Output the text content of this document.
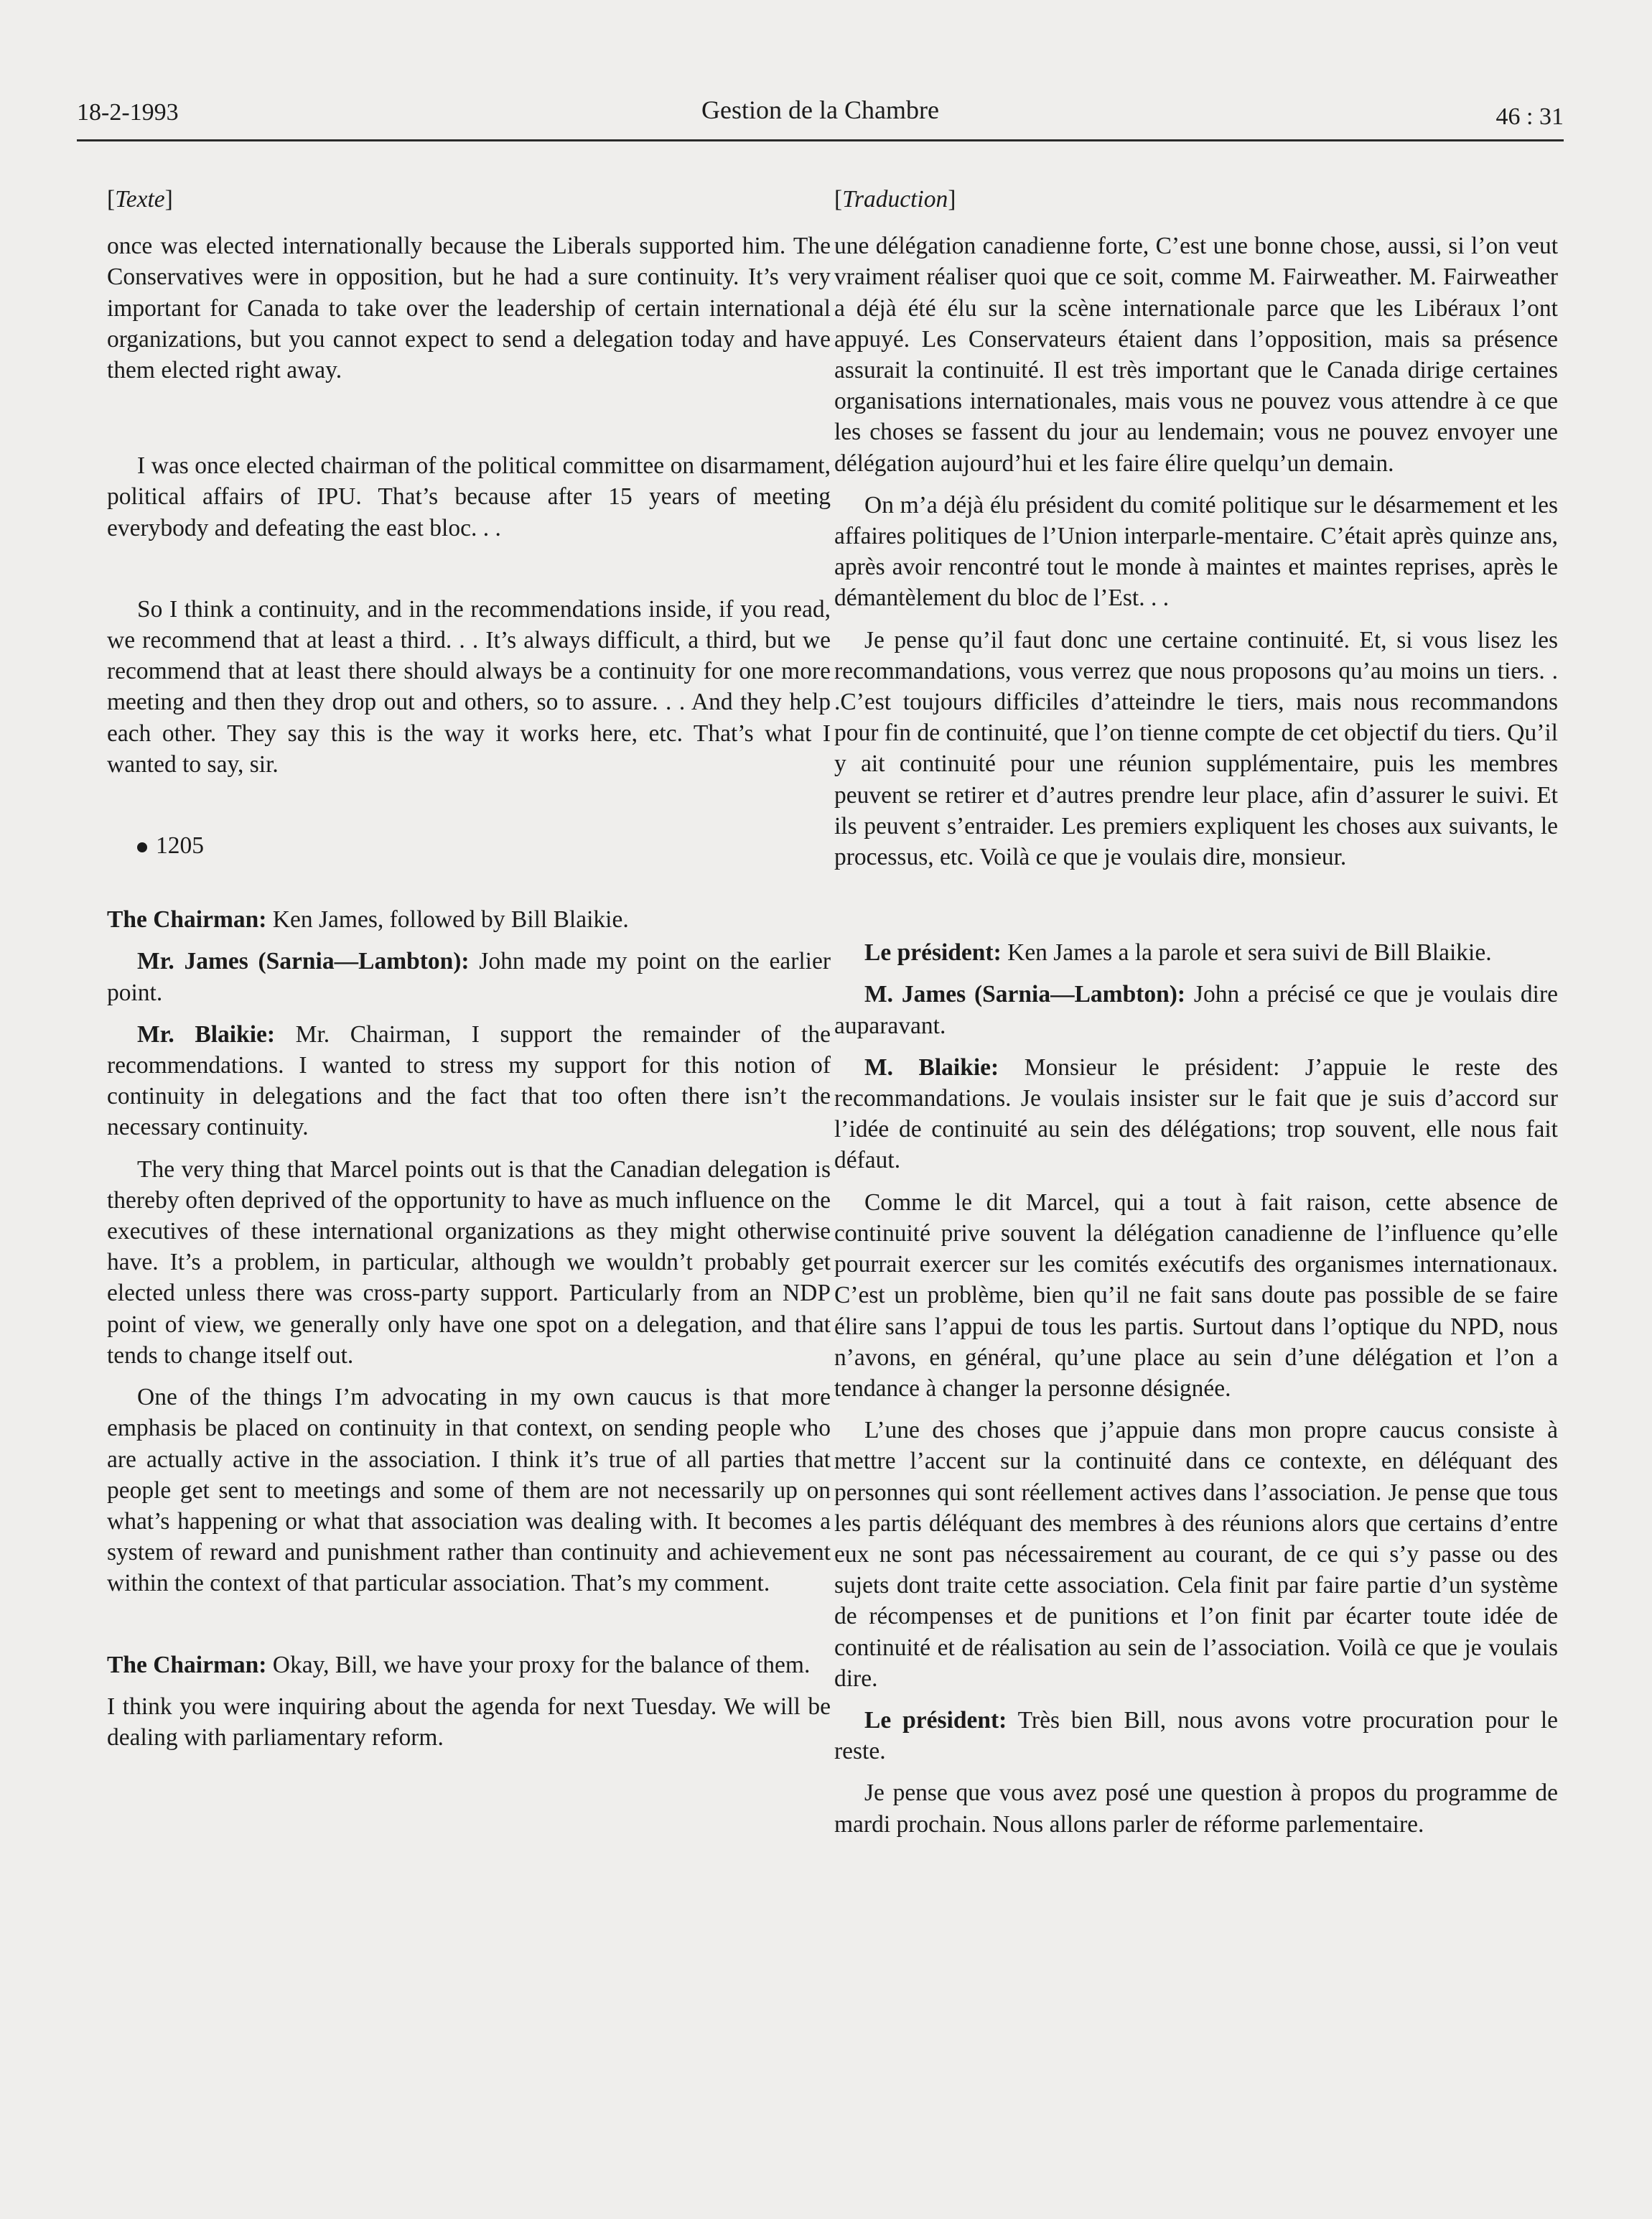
18-2-1993	Gestion de la Chambre	46 : 31

[Texte]

once was elected internationally because the Liberals supported him. The Conservatives were in opposition, but he had a sure continuity. It’s very important for Canada to take over the leadership of certain international organizations, but you cannot expect to send a delegation today and have them elected right away.

I was once elected chairman of the political committee on disarmament, political affairs of IPU. That’s because after 15 years of meeting everybody and defeating the east bloc. . .

So I think a continuity, and in the recommendations inside, if you read, we recommend that at least a third. . . It’s always difficult, a third, but we recommend that at least there should always be a continuity for one more meeting and then they drop out and others, so to assure. . . And they help each other. They say this is the way it works here, etc. That’s what I wanted to say, sir.

1205

The Chairman: Ken James, followed by Bill Blaikie.

Mr. James (Sarnia—Lambton): John made my point on the earlier point.

Mr. Blaikie: Mr. Chairman, I support the remainder of the recommendations. I wanted to stress my support for this notion of continuity in delegations and the fact that too often there isn’t the necessary continuity.

The very thing that Marcel points out is that the Canadian delegation is thereby often deprived of the opportunity to have as much influence on the executives of these international organizations as they might otherwise have. It’s a problem, in particular, although we wouldn’t probably get elected unless there was cross-party support. Particularly from an NDP point of view, we generally only have one spot on a delegation, and that tends to change itself out.

One of the things I’m advocating in my own caucus is that more emphasis be placed on continuity in that context, on sending people who are actually active in the association. I think it’s true of all parties that people get sent to meetings and some of them are not necessarily up on what’s happening or what that association was dealing with. It becomes a system of reward and punishment rather than continuity and achievement within the context of that particular association. That’s my comment.

The Chairman: Okay, Bill, we have your proxy for the balance of them.

I think you were inquiring about the agenda for next Tuesday. We will be dealing with parliamentary reform.

[Traduction]

une délégation canadienne forte, C’est une bonne chose, aussi, si l’on veut vraiment réaliser quoi que ce soit, comme M. Fairweather. M. Fairweather a déjà été élu sur la scène internationale parce que les Libéraux l’ont appuyé. Les Conservateurs étaient dans l’opposition, mais sa présence assurait la continuité. Il est très important que le Canada dirige certaines organisations internationales, mais vous ne pouvez vous attendre à ce que les choses se fassent du jour au lendemain; vous ne pouvez envoyer une délégation aujourd’hui et les faire élire quelqu’un demain.

On m’a déjà élu président du comité politique sur le désarmement et les affaires politiques de l’Union interparle-mentaire. C’était après quinze ans, après avoir rencontré tout le monde à maintes et maintes reprises, après le démantèlement du bloc de l’Est. . .

Je pense qu’il faut donc une certaine continuité. Et, si vous lisez les recommandations, vous verrez que nous proposons qu’au moins un tiers. . .C’est toujours difficiles d’atteindre le tiers, mais nous recommandons pour fin de continuité, que l’on tienne compte de cet objectif du tiers. Qu’il y ait continuité pour une réunion supplémentaire, puis les membres peuvent se retirer et d’autres prendre leur place, afin d’assurer le suivi. Et ils peuvent s’entraider. Les premiers expliquent les choses aux suivants, le processus, etc. Voilà ce que je voulais dire, monsieur.

Le président: Ken James a la parole et sera suivi de Bill Blaikie.

M. James (Sarnia—Lambton): John a précisé ce que je voulais dire auparavant.

M. Blaikie: Monsieur le président: J’appuie le reste des recommandations. Je voulais insister sur le fait que je suis d’accord sur l’idée de continuité au sein des délégations; trop souvent, elle nous fait défaut.

Comme le dit Marcel, qui a tout à fait raison, cette absence de continuité prive souvent la délégation canadienne de l’influence qu’elle pourrait exercer sur les comités exécutifs des organismes internationaux. C’est un problème, bien qu’il ne fait sans doute pas possible de se faire élire sans l’appui de tous les partis. Surtout dans l’optique du NPD, nous n’avons, en général, qu’une place au sein d’une délégation et l’on a tendance à changer la personne désignée.

L’une des choses que j’appuie dans mon propre caucus consiste à mettre l’accent sur la continuité dans ce contexte, en déléquant des personnes qui sont réellement actives dans l’association. Je pense que tous les partis déléquant des membres à des réunions alors que certains d’entre eux ne sont pas nécessairement au courant, de ce qui s’y passe ou des sujets dont traite cette association. Cela finit par faire partie d’un système de récompenses et de punitions et l’on finit par écarter toute idée de continuité et de réalisation au sein de l’association. Voilà ce que je voulais dire.

Le président: Très bien Bill, nous avons votre procuration pour le reste.

Je pense que vous avez posé une question à propos du programme de mardi prochain. Nous allons parler de réforme parlementaire.
